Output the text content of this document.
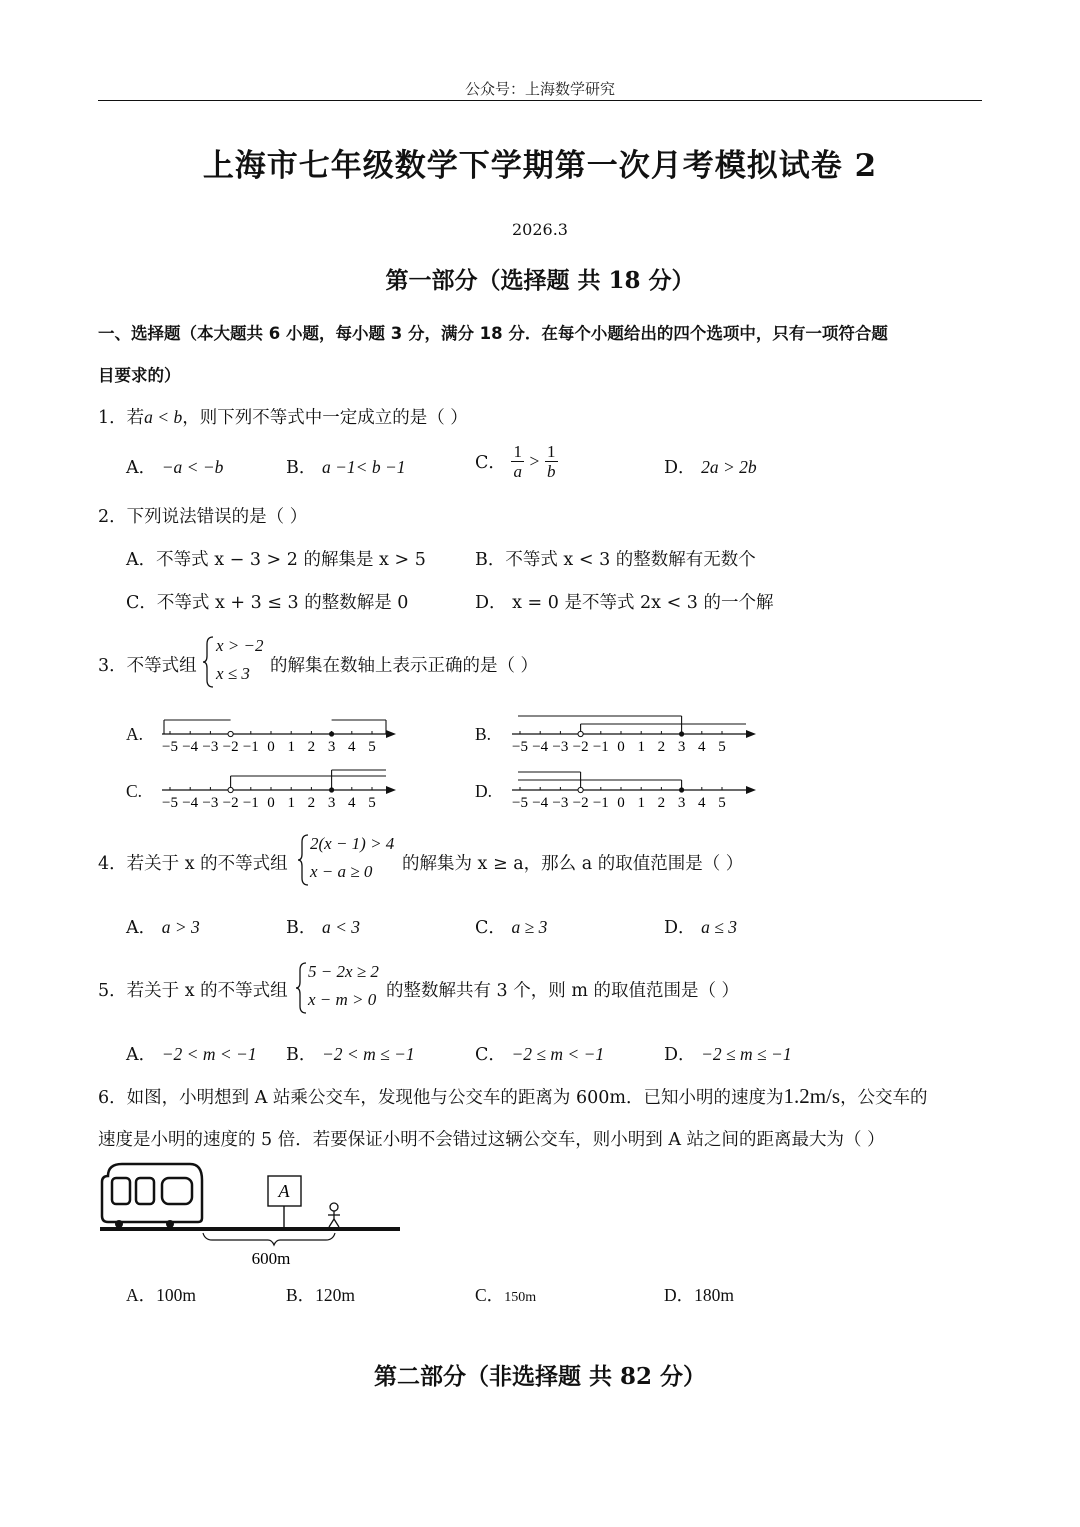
公众号：上海数学研究
上海市七年级数学下学期第一次月考模拟试卷 2
2026.3
第一部分（选择题 共 18 分）
一、选择题（本大题共 6 小题，每小题 3 分，满分 18 分．在每个小题给出的四个选项中，只有一项符合题
目要求的）
1．若a < b，则下列不等式中一定成立的是（ ）
A． −a < −b	B． a −1< b −1	C． $\frac{1}{a} > \frac{1}{b}$	D． 2a > 2b
2．下列说法错误的是（ ）
A．不等式 x − 3 > 2 的解集是 x > 5	B．不等式 x < 3 的整数解有无数个
C．不等式 x + 3 ≤ 3 的整数解是 0	D． x = 0 是不等式 2x < 3 的一个解
3．不等式组
x > −2
x ≤ 3 的解集在数轴上表示正确的是（ ）
A.	B.
C.	D.
−5 −4 −3 −2 −1 0 1 2 3 4 5	−5 −4 −3 −2 −1 0 1 2 3 4 5
−5 −4 −3 −2 −1 0 1 2 3 4 5	−5 −4 −3 −2 −1 0 1 2 3 4 5
4．若关于 x 的不等式组
2(x − 1) > 4
x − a ≥ 0 的解集为 x ≥ a，那么 a 的取值范围是（ ）
A． a > 3	B． a < 3	C． a ≥ 3	D． a ≤ 3
5．若关于 x 的不等式组
5 − 2x ≥ 2
x − m > 0 的整数解共有 3 个，则 m 的取值范围是（ ）
A． −2 < m < −1 B． −2 < m ≤ −1	C． −2 ≤ m < −1	D． −2 ≤ m ≤ −1
6．如图，小明想到 A 站乘公交车，发现他与公交车的距离为 600m．已知小明的速度为1.2m/s，公交车的
速度是小明的速度的 5 倍．若要保证小明不会错过这辆公交车，则小明到 A 站之间的距离最大为（ ）
A
600m
A．100m	B．120m	C．150m	D．180m
第二部分（非选择题 共 82 分）
